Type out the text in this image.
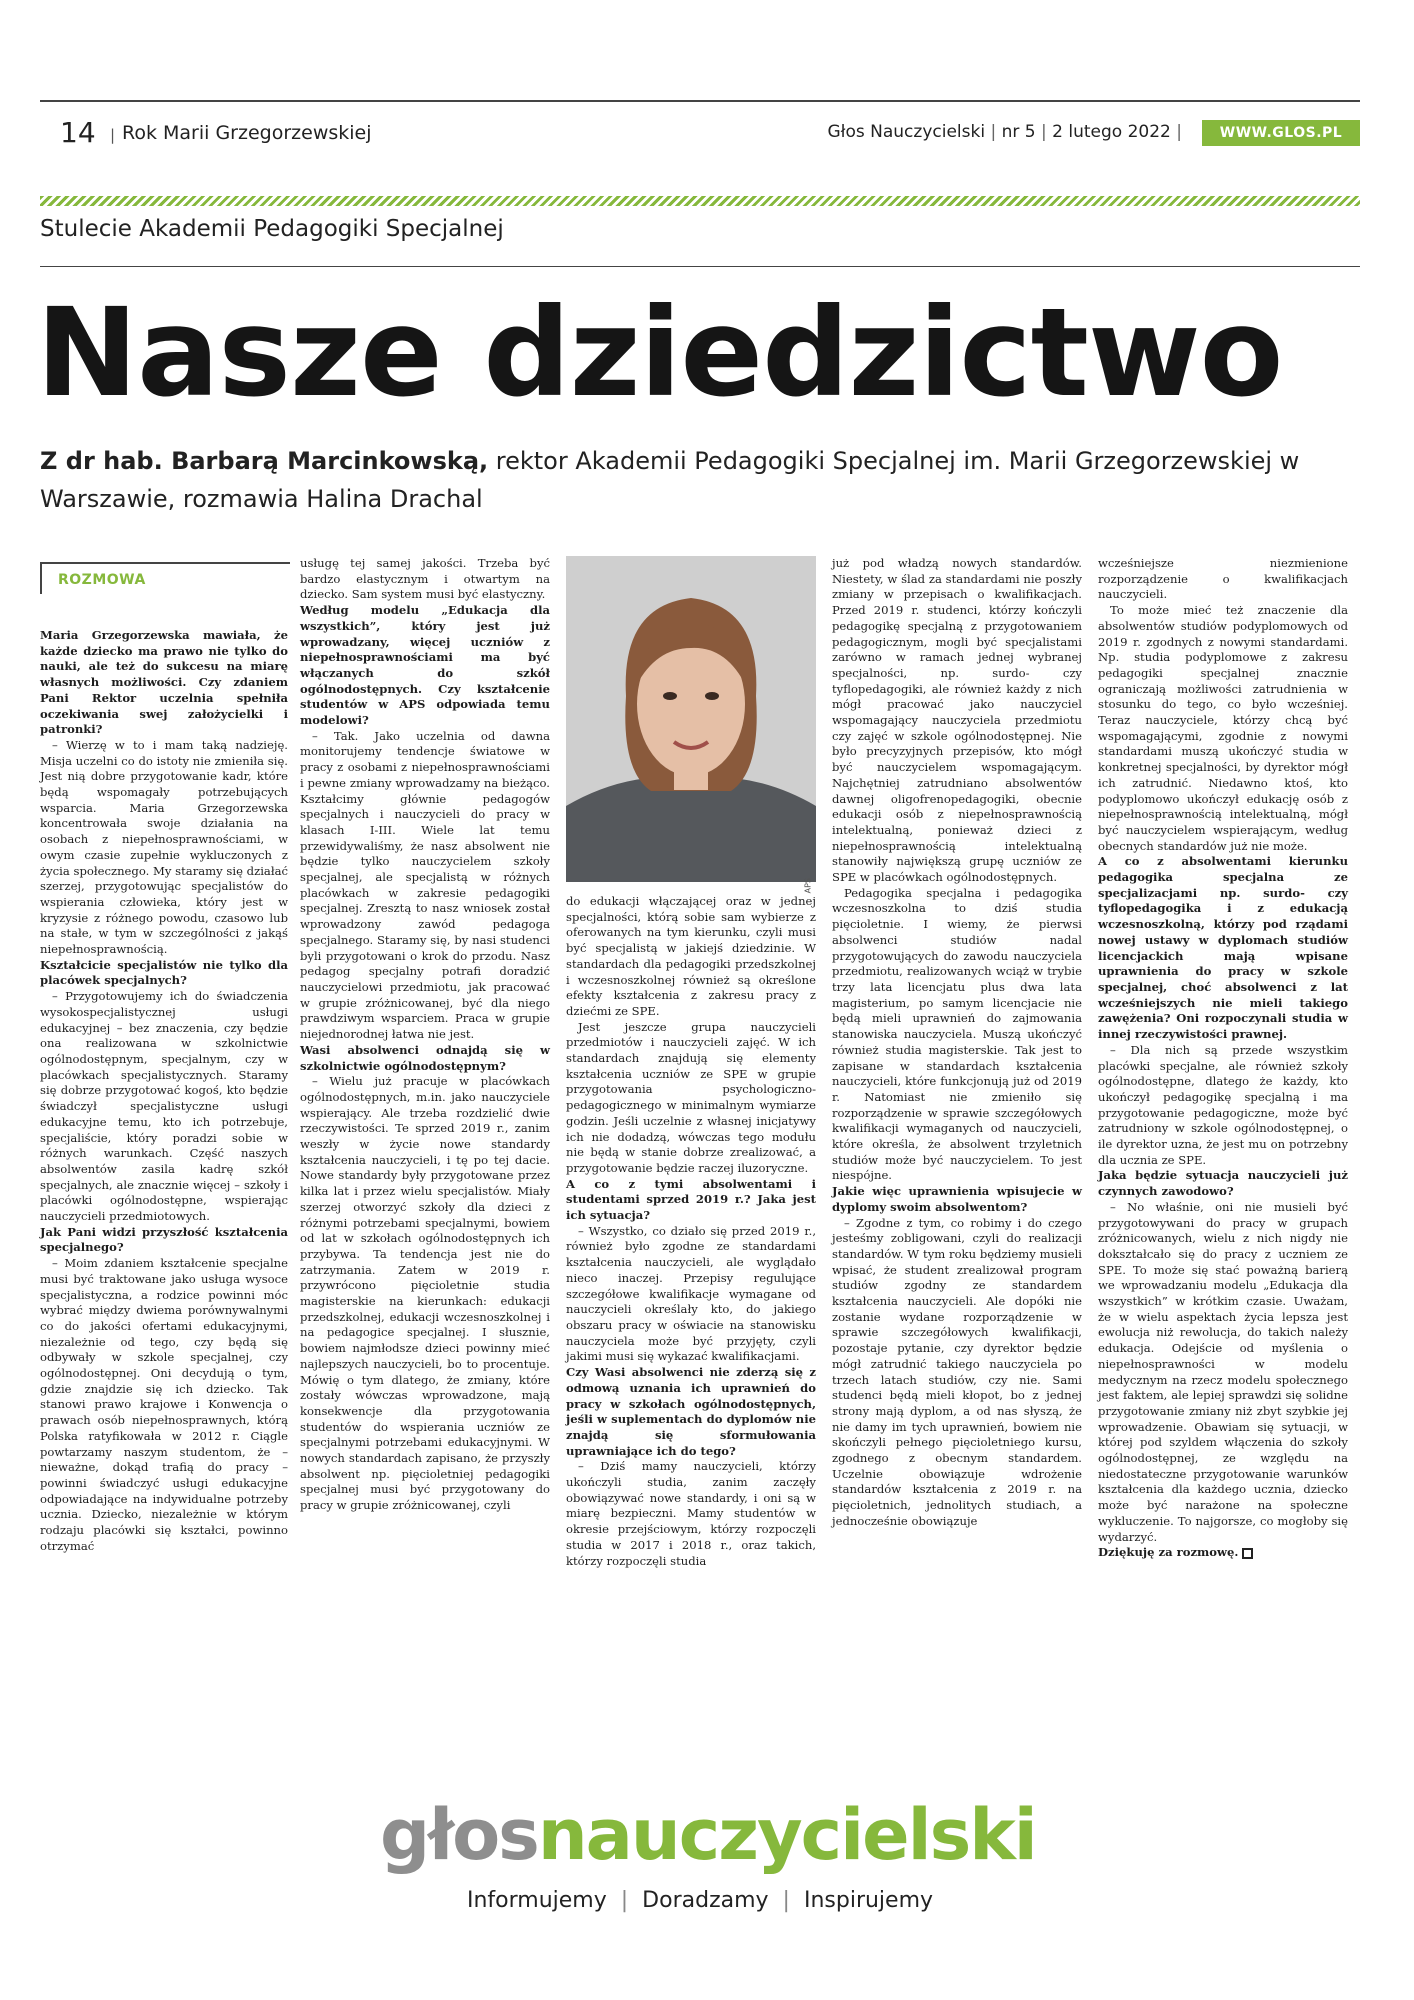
14 | Rok Marii Grzegorzewskiej	Głos Nauczycielski | nr 5 | 2 lutego 2022 |	WWW.GLOS.PL
Stulecie Akademii Pedagogiki Specjalnej
Nasze dziedzictwo
Z dr hab. Barbarą Marcinkowską, rektor Akademii Pedagogiki Specjalnej im. Marii Grzegorzewskiej w Warszawie, rozmawia Halina Drachal
ROZMOWA
APS

Maria Grzegorzewska mawiała, że każde dziecko ma prawo nie tylko do nauki, ale też do sukcesu na miarę własnych możliwości. Czy zdaniem Pani Rektor uczelnia spełniła oczekiwania swej założycielki i patronki?

– Wierzę w to i mam taką nadzieję. Misja uczelni co do istoty nie zmieniła się. Jest nią dobre przygotowanie kadr, które będą wspomagały potrzebujących wsparcia. Maria Grzegorzewska koncentrowała swoje działania na osobach z niepełnosprawnościami, w owym czasie zupełnie wykluczonych z życia społecznego. My staramy się działać szerzej, przygotowując specjalistów do wspierania człowieka, który jest w kryzysie z różnego powodu, czasowo lub na stałe, w tym w szczególności z jakąś niepełnosprawnością.

Kształcicie specjalistów nie tylko dla placówek specjalnych?

– Przygotowujemy ich do świadczenia wysokospecjalistycznej usługi edukacyjnej – bez znaczenia, czy będzie ona realizowana w szkolnictwie ogólnodostępnym, specjalnym, czy w placówkach specjalistycznych. Staramy się dobrze przygotować kogoś, kto będzie świadczył specjalistyczne usługi edukacyjne temu, kto ich potrzebuje, specjaliście, który poradzi sobie w różnych warunkach. Część naszych absolwentów zasila kadrę szkół specjalnych, ale znacznie więcej – szkoły i placówki ogólnodostępne, wspierając nauczycieli przedmiotowych.

Jak Pani widzi przyszłość kształcenia specjalnego?

– Moim zdaniem kształcenie specjalne musi być traktowane jako usługa wysoce specjalistyczna, a rodzice powinni móc wybrać między dwiema porównywalnymi co do jakości ofertami edukacyjnymi, niezależnie od tego, czy będą się odbywały w szkole specjalnej, czy ogólnodostępnej. Oni decydują o tym, gdzie znajdzie się ich dziecko. Tak stanowi prawo krajowe i Konwencja o prawach osób niepełnosprawnych, którą Polska ratyfikowała w 2012 r. Ciągle powtarzamy naszym studentom, że – nieważne, dokąd trafią do pracy – powinni świadczyć usługi edukacyjne odpowiadające na indywidualne potrzeby ucznia. Dziecko, niezależnie w którym rodzaju placówki się kształci, powinno otrzymać

usługę tej samej jakości. Trzeba być bardzo elastycznym i otwartym na dziecko. Sam system musi być elastyczny.

Według modelu „Edukacja dla wszystkich”, który jest już wprowadzany, więcej uczniów z niepełnosprawnościami ma być włączanych do szkół ogólnodostępnych. Czy kształcenie studentów w APS odpowiada temu modelowi?

– Tak. Jako uczelnia od dawna monitorujemy tendencje światowe w pracy z osobami z niepełnosprawnościami i pewne zmiany wprowadzamy na bieżąco. Kształcimy głównie pedagogów specjalnych i nauczycieli do pracy w klasach I-III. Wiele lat temu przewidywaliśmy, że nasz absolwent nie będzie tylko nauczycielem szkoły specjalnej, ale specjalistą w różnych placówkach w zakresie pedagogiki specjalnej. Zresztą to nasz wniosek został wprowadzony zawód pedagoga specjalnego. Staramy się, by nasi studenci byli przygotowani o krok do przodu. Nasz pedagog specjalny potrafi doradzić nauczycielowi przedmiotu, jak pracować w grupie zróżnicowanej, być dla niego prawdziwym wsparciem. Praca w grupie niejednorodnej łatwa nie jest.

Wasi absolwenci odnajdą się w szkolnictwie ogólnodostępnym?

– Wielu już pracuje w placówkach ogólnodostępnych, m.in. jako nauczyciele wspierający. Ale trzeba rozdzielić dwie rzeczywistości. Te sprzed 2019 r., zanim weszły w życie nowe standardy kształcenia nauczycieli, i tę po tej dacie. Nowe standardy były przygotowane przez kilka lat i przez wielu specjalistów. Miały szerzej otworzyć szkoły dla dzieci z różnymi potrzebami specjalnymi, bowiem od lat w szkołach ogólnodostępnych ich przybywa. Ta tendencja jest nie do zatrzymania. Zatem w 2019 r. przywrócono pięcioletnie studia magisterskie na kierunkach: edukacji przedszkolnej, edukacji wczesnoszkolnej i na pedagogice specjalnej. I słusznie, bowiem najmłodsze dzieci powinny mieć najlepszych nauczycieli, bo to procentuje. Mówię o tym dlatego, że zmiany, które zostały wówczas wprowadzone, mają konsekwencje dla przygotowania studentów do wspierania uczniów ze specjalnymi potrzebami edukacyjnymi. W nowych standardach zapisano, że przyszły absolwent np. pięcioletniej pedagogiki specjalnej musi być przygotowany do pracy w grupie zróżnicowanej, czyli

do edukacji włączającej oraz w jednej specjalności, którą sobie sam wybierze z oferowanych na tym kierunku, czyli musi być specjalistą w jakiejś dziedzinie. W standardach dla pedagogiki przedszkolnej i wczesnoszkolnej również są określone efekty kształcenia z zakresu pracy z dziećmi ze SPE.

Jest jeszcze grupa nauczycieli przedmiotów i nauczycieli zajęć. W ich standardach znajdują się elementy kształcenia uczniów ze SPE w grupie przygotowania psychologiczno-pedagogicznego w minimalnym wymiarze godzin. Jeśli uczelnie z własnej inicjatywy ich nie dodadzą, wówczas tego modułu nie będą w stanie dobrze zrealizować, a przygotowanie będzie raczej iluzoryczne.

A co z tymi absolwentami i studentami sprzed 2019 r.? Jaka jest ich sytuacja?

– Wszystko, co działo się przed 2019 r., również było zgodne ze standardami kształcenia nauczycieli, ale wyglądało nieco inaczej. Przepisy regulujące szczegółowe kwalifikacje wymagane od nauczycieli określały kto, do jakiego obszaru pracy w oświacie na stanowisku nauczyciela może być przyjęty, czyli jakimi musi się wykazać kwalifikacjami.

Czy Wasi absolwenci nie zderzą się z odmową uznania ich uprawnień do pracy w szkołach ogólnodostępnych, jeśli w suplementach do dyplomów nie znajdą się sformułowania uprawniające ich do tego?

– Dziś mamy nauczycieli, którzy ukończyli studia, zanim zaczęły obowiązywać nowe standardy, i oni są w miarę bezpieczni. Mamy studentów w okresie przejściowym, którzy rozpoczęli studia w 2017 i 2018 r., oraz takich, którzy rozpoczęli studia

już pod władzą nowych standardów. Niestety, w ślad za standardami nie poszły zmiany w przepisach o kwalifikacjach. Przed 2019 r. studenci, którzy kończyli pedagogikę specjalną z przygotowaniem pedagogicznym, mogli być specjalistami zarówno w ramach jednej wybranej specjalności, np. surdo- czy tyflopedagogiki, ale również każdy z nich mógł pracować jako nauczyciel wspomagający nauczyciela przedmiotu czy zajęć w szkole ogólnodostępnej. Nie było precyzyjnych przepisów, kto mógł być nauczycielem wspomagającym. Najchętniej zatrudniano absolwentów dawnej oligofrenopedagogiki, obecnie edukacji osób z niepełnosprawnością intelektualną, ponieważ dzieci z niepełnosprawnością intelektualną stanowiły największą grupę uczniów ze SPE w placówkach ogólnodostępnych.

Pedagogika specjalna i pedagogika wczesnoszkolna to dziś studia pięcioletnie. I wiemy, że pierwsi absolwenci studiów nadal przygotowujących do zawodu nauczyciela przedmiotu, realizowanych wciąż w trybie trzy lata licencjatu plus dwa lata magisterium, po samym licencjacie nie będą mieli uprawnień do zajmowania stanowiska nauczyciela. Muszą ukończyć również studia magisterskie. Tak jest to zapisane w standardach kształcenia nauczycieli, które funkcjonują już od 2019 r. Natomiast nie zmieniło się rozporządzenie w sprawie szczegółowych kwalifikacji wymaganych od nauczycieli, które określa, że absolwent trzyletnich studiów może być nauczycielem. To jest niespójne.

Jakie więc uprawnienia wpisujecie w dyplomy swoim absolwentom?

– Zgodne z tym, co robimy i do czego jesteśmy zobligowani, czyli do realizacji standardów. W tym roku będziemy musieli wpisać, że student zrealizował program studiów zgodny ze standardem kształcenia nauczycieli. Ale dopóki nie zostanie wydane rozporządzenie w sprawie szczegółowych kwalifikacji, pozostaje pytanie, czy dyrektor będzie mógł zatrudnić takiego nauczyciela po trzech latach studiów, czy nie. Sami studenci będą mieli kłopot, bo z jednej strony mają dyplom, a od nas słyszą, że nie damy im tych uprawnień, bowiem nie skończyli pełnego pięcioletniego kursu, zgodnego z obecnym standardem. Uczelnie obowiązuje wdrożenie standardów kształcenia z 2019 r. na pięcioletnich, jednolitych studiach, a jednocześnie obowiązuje

wcześniejsze niezmienione rozporządzenie o kwalifikacjach nauczycieli.

To może mieć też znaczenie dla absolwentów studiów podyplomowych od 2019 r. zgodnych z nowymi standardami. Np. studia podyplomowe z zakresu pedagogiki specjalnej znacznie ograniczają możliwości zatrudnienia w stosunku do tego, co było wcześniej. Teraz nauczyciele, którzy chcą być wspomagającymi, zgodnie z nowymi standardami muszą ukończyć studia w konkretnej specjalności, by dyrektor mógł ich zatrudnić. Niedawno ktoś, kto podyplomowo ukończył edukację osób z niepełnosprawnością intelektualną, mógł być nauczycielem wspierającym, według obecnych standardów już nie może.

A co z absolwentami kierunku pedagogika specjalna ze specjalizacjami np. surdo- czy tyflopedagogika i z edukacją wczesnoszkolną, którzy pod rządami nowej ustawy w dyplomach studiów licencjackich mają wpisane uprawnienia do pracy w szkole specjalnej, choć absolwenci z lat wcześniejszych nie mieli takiego zawężenia? Oni rozpoczynali studia w innej rzeczywistości prawnej.

– Dla nich są przede wszystkim placówki specjalne, ale również szkoły ogólnodostępne, dlatego że każdy, kto ukończył pedagogikę specjalną i ma przygotowanie pedagogiczne, może być zatrudniony w szkole ogólnodostępnej, o ile dyrektor uzna, że jest mu on potrzebny dla ucznia ze SPE.

Jaka będzie sytuacja nauczycieli już czynnych zawodowo?

– No właśnie, oni nie musieli być przygotowywani do pracy w grupach zróżnicowanych, wielu z nich nigdy nie dokształcało się do pracy z uczniem ze SPE. To może się stać poważną barierą we wprowadzaniu modelu „Edukacja dla wszystkich” w krótkim czasie. Uważam, że w wielu aspektach życia lepsza jest ewolucja niż rewolucja, do takich należy edukacja. Odejście od myślenia o niepełnosprawności w modelu medycznym na rzecz modelu społecznego jest faktem, ale lepiej sprawdzi się solidne przygotowanie zmiany niż zbyt szybkie jej wprowadzenie. Obawiam się sytuacji, w której pod szyldem włączenia do szkoły ogólnodostępnej, ze względu na niedostateczne przygotowanie warunków kształcenia dla każdego ucznia, dziecko może być narażone na społeczne wykluczenie. To najgorsze, co mogłoby się wydarzyć.

Dziękuję za rozmowę.

głosnauczycielski
Informujemy | Doradzamy | Inspirujemy
